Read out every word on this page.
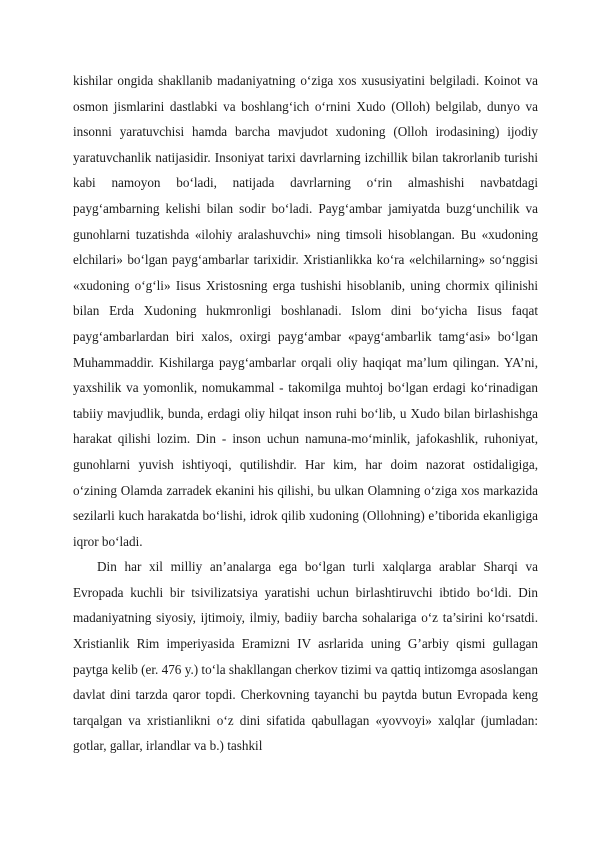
kishilar ongida shakllanib madaniyatning o‘ziga xos xususiyatini belgiladi. Koinot va osmon jismlarini dastlabki va boshlang‘ich o‘rnini Xudo (Olloh) belgilab, dunyo va insonni yaratuvchisi hamda barcha mavjudot xudoning (Olloh irodasining) ijodiy yaratuvchanlik natijasidir. Insoniyat tarixi davrlarning izchillik bilan takrorlanib turishi kabi namoyon bo‘ladi, natijada davrlarning o‘rin almashishi navbatdagi payg‘ambarning kelishi bilan sodir bo‘ladi. Payg‘ambar jamiyatda buzg‘unchilik va gunohlarni tuzatishda «ilohiy aralashuvchi» ning timsoli hisoblangan. Bu «xudoning elchilari» bo‘lgan payg‘ambarlar tarixidir. Xristianlikka ko‘ra «elchilarning» so‘nggisi «xudoning o‘g‘li» Iisus Xristosning erga tushishi hisoblanib, uning chormix qilinishi bilan Erda Xudoning hukmronligi boshlanadi. Islom dini bo‘yicha Iisus faqat payg‘ambarlardan biri xalos, oxirgi payg‘ambar «payg‘ambarlik tamg‘asi» bo‘lgan Muhammaddir. Kishilarga payg‘ambarlar orqali oliy haqiqat ma’lum qilingan. YA’ni, yaxshilik va yomonlik, nomukammal - takomilga muhtoj bo‘lgan erdagi ko‘rinadigan tabiiy mavjudlik, bunda, erdagi oliy hilqat inson ruhi bo‘lib, u Xudo bilan birlashishga harakat qilishi lozim. Din - inson uchun namuna-mo‘minlik, jafokashlik, ruhoniyat, gunohlarni yuvish ishtiyoqi, qutilishdir. Har kim, har doim nazorat ostidaligiga, o‘zining Olamda zarradek ekanini his qilishi, bu ulkan Olamning o‘ziga xos markazida sezilarli kuch harakatda bo‘lishi, idrok qilib xudoning (Ollohning) e’tiborida ekanligiga iqror bo‘ladi.

Din har xil milliy an’analarga ega bo‘lgan turli xalqlarga arablar Sharqi va Evropada kuchli bir tsivilizatsiya yaratishi uchun birlashtiruvchi ibtido bo‘ldi. Din madaniyatning siyosiy, ijtimoiy, ilmiy, badiiy barcha sohalariga o‘z ta’sirini ko‘rsatdi. Xristianlik Rim imperiyasida Eramizni IV asrlarida uning G’arbiy qismi gullagan paytga kelib (er. 476 y.) to‘la shakllangan cherkov tizimi va qattiq intizomga asoslangan davlat dini tarzda qaror topdi. Cherkovning tayanchi bu paytda butun Evropada keng tarqalgan va xristianlikni o‘z dini sifatida qabullagan «yovvoyi» xalqlar (jumladan: gotlar, gallar, irlandlar va b.) tashkil
